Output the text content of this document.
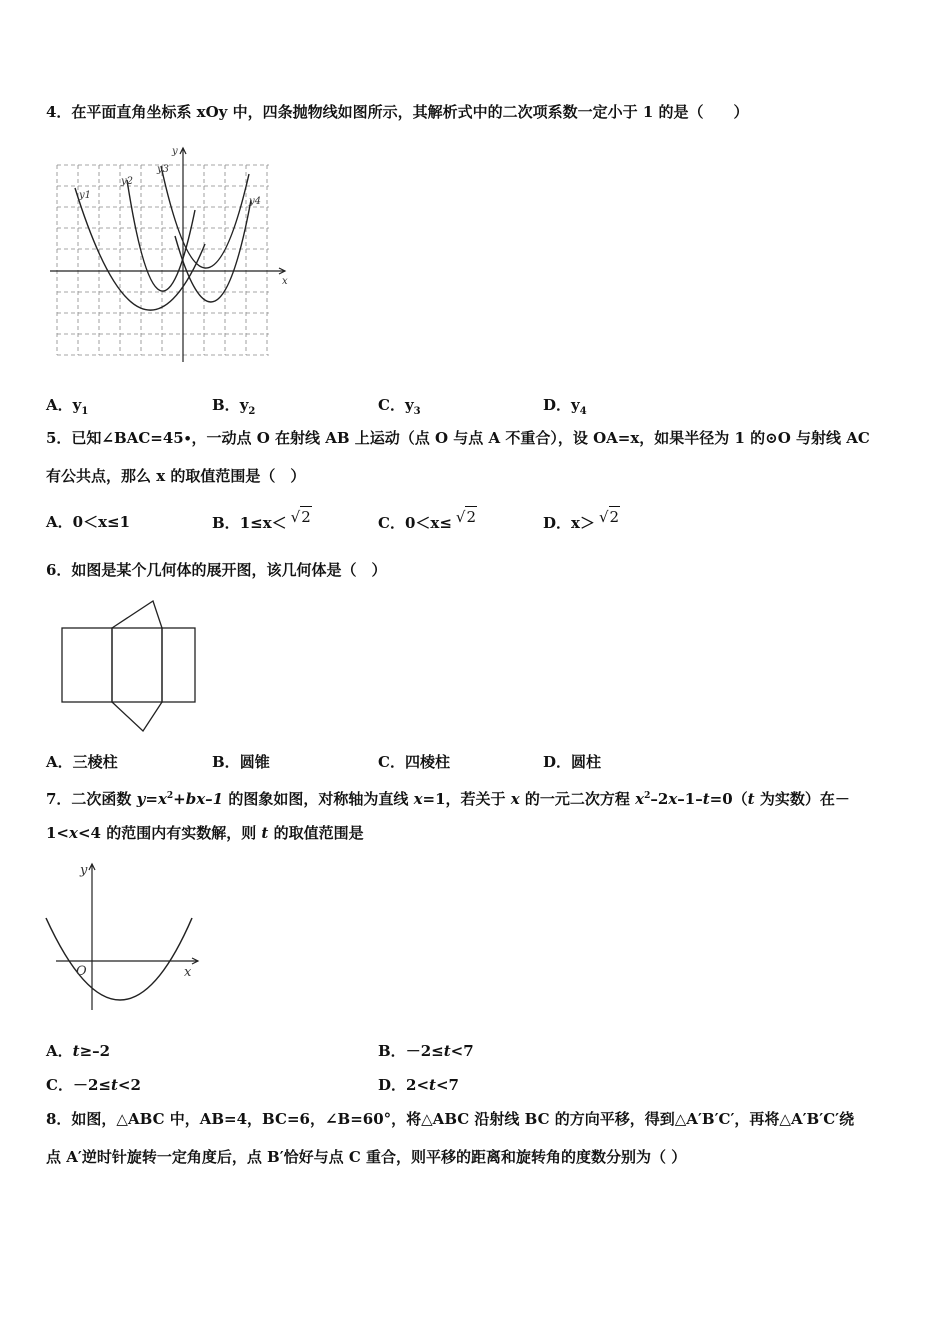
4．在平面直角坐标系 xOy 中，四条抛物线如图所示，其解析式中的二次项系数一定小于 1 的是（　　）
y
x
y1
y2
y3
y4
A．$y_1$	B．$y_2$	C．$y_3$	D．$y_4$
5．已知∠BAC=45∙，一动点 O 在射线 AB 上运动（点 O 与点 A 不重合），设 OA=x，如果半径为 1 的⊙O 与射线 AC
有公共点，那么 x 的取值范围是（　）
A．0＜x≤1	B．1≤x＜ √2	C．0＜x≤ √2	D．x＞ √2
6．如图是某个几何体的展开图，该几何体是（　）
A．三棱柱	B．圆锥	C．四棱柱	D．圆柱
7．二次函数 $y=x^2+bx-1$ 的图象如图，对称轴为直线 x=1，若关于 x 的一元二次方程 $x^2-2x-1-t=0(t$ 为实数）在－
1<x<4 的范围内有实数解，则 t 的取值范围是
y
x
O
A．t≥–2	B．－2≤t<7
C．－2≤t<2	D．2<t<7
8．如图，△ABC 中，AB=4，BC=6，∠B=60°，将△ABC 沿射线 BC 的方向平移，得到△A′B′C′，再将△A′B′C′绕
点 A′逆时针旋转一定角度后，点 B′恰好与点 C 重合，则平移的距离和旋转角的度数分别为（ ）
